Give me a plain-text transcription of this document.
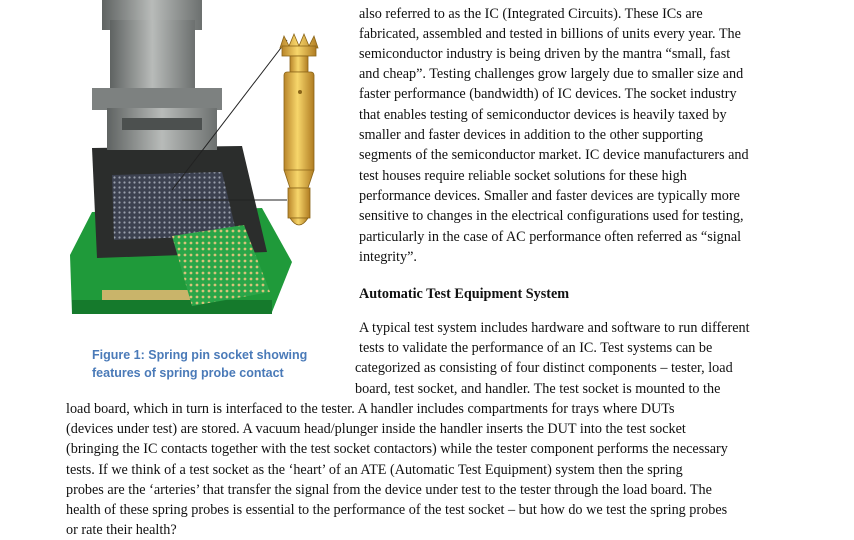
Figure 1: Spring pin socket showing
features of spring probe contact
also referred to as the IC (Integrated Circuits). These ICs are
fabricated, assembled and tested in billions of units every year. The
semiconductor industry is being driven by the mantra “small, fast
and cheap”. Testing challenges grow largely due to smaller size and
faster performance (bandwidth) of IC devices. The socket industry
that enables testing of semiconductor devices is heavily taxed by
smaller and faster devices in addition to the other supporting
segments of the semiconductor market. IC device manufacturers and
test houses require reliable socket solutions for these high
performance devices. Smaller and faster devices are typically more
sensitive to changes in the electrical configurations used for testing,
particularly in the case of AC performance often referred as “signal
integrity”.
Automatic Test Equipment System
A typical test system includes hardware and software to run different
tests to validate the performance of an IC. Test systems can be
categorized as consisting of four distinct components – tester, load
board, test socket, and handler. The test socket is mounted to the
load board, which in turn is interfaced to the tester. A handler includes compartments for trays where DUTs
(devices under test) are stored. A vacuum head/plunger inside the handler inserts the DUT into the test socket
(bringing the IC contacts together with the test socket contactors) while the tester component performs the necessary
tests. If we think of a test socket as the ‘heart’ of an ATE (Automatic Test Equipment) system then the spring
probes are the ‘arteries’ that transfer the signal from the device under test to the tester through the load board. The
health of these spring probes is essential to the performance of the test socket – but how do we test the spring probes
or rate their health?
